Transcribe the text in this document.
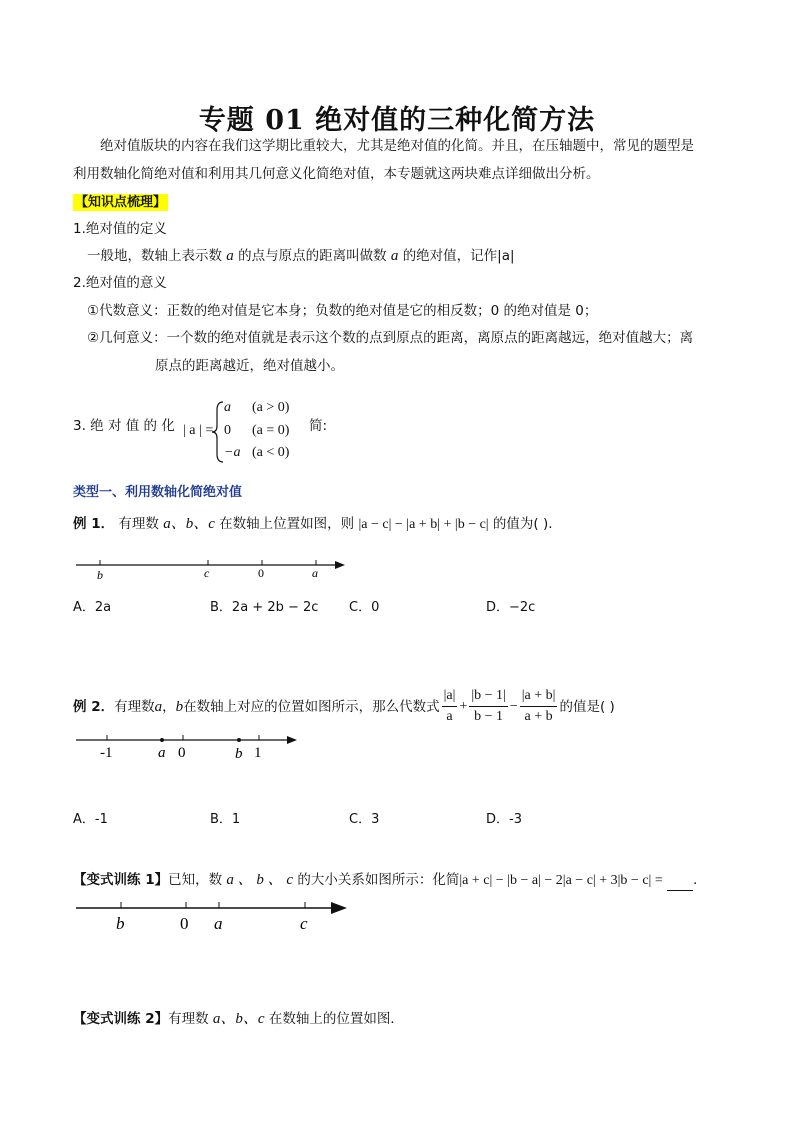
专题 01 绝对值的三种化简方法
绝对值版块的内容在我们这学期比重较大，尤其是绝对值的化简。并且，在压轴题中，常见的题型是
利用数轴化简绝对值和利用其几何意义化简绝对值，本专题就这两块难点详细做出分析。
【知识点梳理】
1.绝对值的定义
一般地，数轴上表示数 a 的点与原点的距离叫做数 a 的绝对值，记作|a|
2.绝对值的意义
①代数意义：正数的绝对值是它本身；负数的绝对值是它的相反数；0 的绝对值是 0；
②几何意义：一个数的绝对值就是表示这个数的点到原点的距离，离原点的距离越远，绝对值越大；离
原点的距离越近，绝对值越小。
3. 绝 对 值 的 化 | a | =
a (a > 0)
0 (a = 0)
−a (a < 0)
简:
类型一、利用数轴化简绝对值
例 1． 有理数 a、b、c 在数轴上位置如图，则 |a − c| − |a + b| + |b − c| 的值为( ).
b	c	0	a
A．2a	B．2a + 2b − 2c C．0	D．−2c
例 2． 有理数 a ， b 在数轴上对应的位置如图所示，那么代数式 $\frac{|a|}{a} + \frac{|b - 1|}{b - 1} - \frac{|a + b|}{a + b}$ 的值是( )
-1	a 0	b 1
A．-1	B．1	C．3	D．-3
【变式训练 1】已知，数 a 、 b 、 c 的大小关系如图所示：化简|a + c| − |b − a| − 2|a − c| + 3|b − c| = .
b	0 a	c
【变式训练 2】有理数 a、b、c 在数轴上的位置如图．
